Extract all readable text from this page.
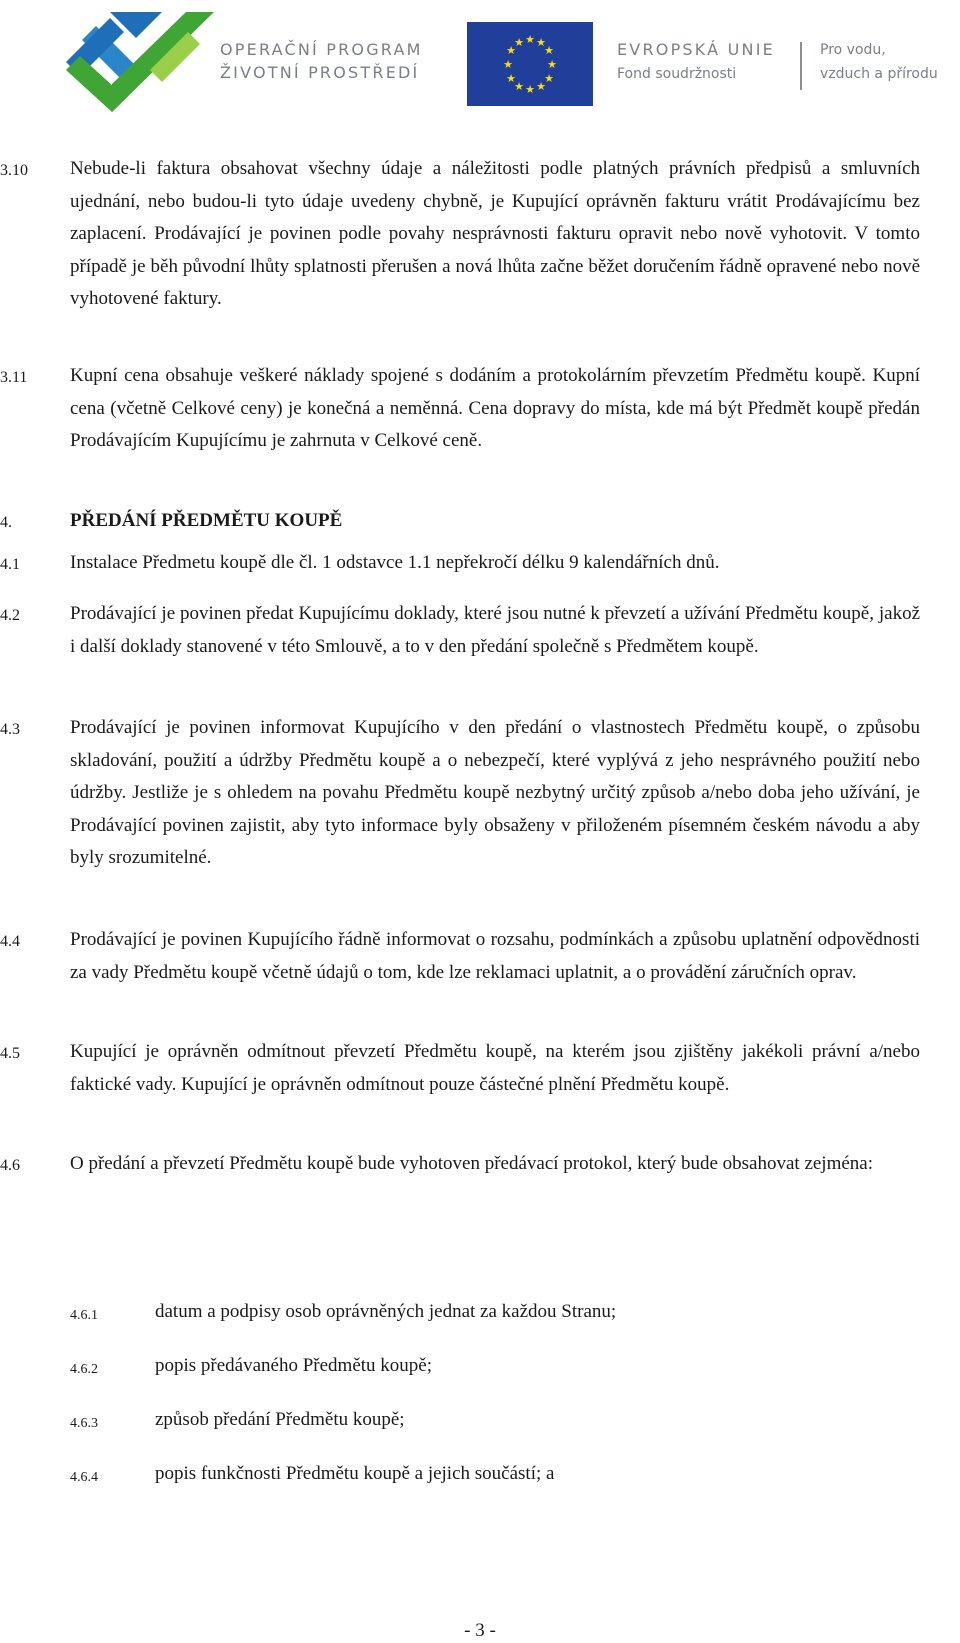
OPERAČNÍ PROGRAM
ŽIVOTNÍ PROSTŘEDÍ
★ ★
★
★
★
★
★
★
★
★
★
★	EVROPSKÁ UNIE
Fond soudržnosti
Pro vodu,
vzduch a přírodu
3.10 Nebude-li faktura obsahovat všechny údaje a náležitosti podle platných právních předpisů a smluvních ujednání, nebo budou-li tyto údaje uvedeny chybně, je Kupující oprávněn fakturu vrátit Prodávajícímu bez zaplacení. Prodávající je povinen podle povahy nesprávnosti fakturu opravit nebo nově vyhotovit. V tomto případě je běh původní lhůty splatnosti přerušen a nová lhůta začne běžet doručením řádně opravené nebo nově vyhotovené faktury.
3.11 Kupní cena obsahuje veškeré náklady spojené s dodáním a protokolárním převzetím Předmětu koupě. Kupní cena (včetně Celkové ceny) je konečná a neměnná. Cena dopravy do místa, kde má být Předmět koupě předán Prodávajícím Kupujícímu je zahrnuta v Celkové ceně.
4.	PŘEDÁNÍ PŘEDMĚTU KOUPĚ
4.1	Instalace Předmetu koupě dle čl. 1 odstavce 1.1 nepřekročí délku 9 kalendářních dnů.
4.2	Prodávající je povinen předat Kupujícímu doklady, které jsou nutné k převzetí a užívání Předmětu koupě, jakož i další doklady stanovené v této Smlouvě, a to v den předání společně s Předmětem koupě.
4.3	Prodávající je povinen informovat Kupujícího v den předání o vlastnostech Předmětu koupě, o způsobu skladování, použití a údržby Předmětu koupě a o nebezpečí, které vyplývá z jeho nesprávného použití nebo údržby. Jestliže je s ohledem na povahu Předmětu koupě nezbytný určitý způsob a/nebo doba jeho užívání, je Prodávající povinen zajistit, aby tyto informace byly obsaženy v přiloženém písemném českém návodu a aby byly srozumitelné.
4.4	Prodávající je povinen Kupujícího řádně informovat o rozsahu, podmínkách a způsobu uplatnění odpovědnosti za vady Předmětu koupě včetně údajů o tom, kde lze reklamaci uplatnit, a o provádění záručních oprav.
4.5	Kupující je oprávněn odmítnout převzetí Předmětu koupě, na kterém jsou zjištěny jakékoli právní a/nebo faktické vady. Kupující je oprávněn odmítnout pouze částečné plnění Předmětu koupě.
4.6	O předání a převzetí Předmětu koupě bude vyhotoven předávací protokol, který bude obsahovat zejména:
4.6.1	datum a podpisy osob oprávněných jednat za každou Stranu;
4.6.2	popis předávaného Předmětu koupě;
4.6.3	způsob předání Předmětu koupě;
4.6.4	popis funkčnosti Předmětu koupě a jejich součástí; a
- 3 -
